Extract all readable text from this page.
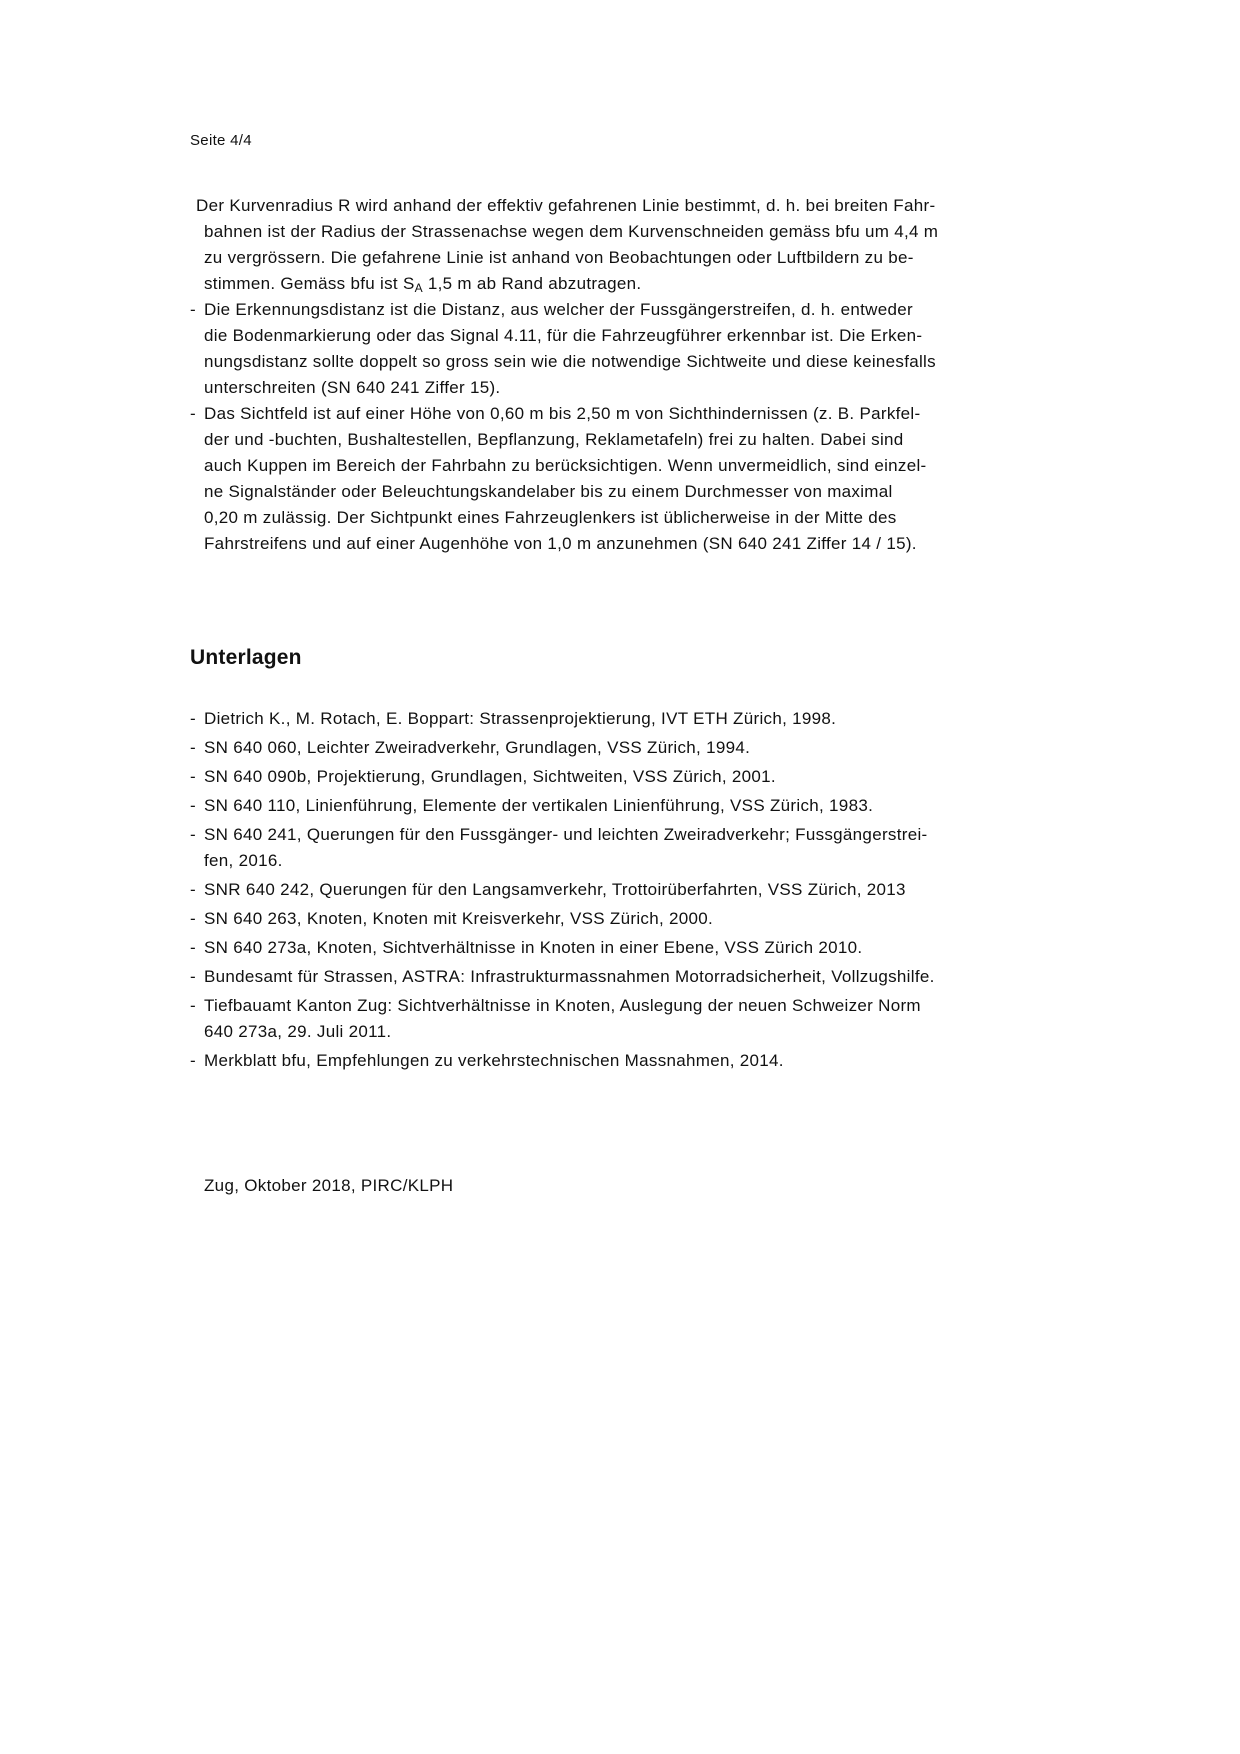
Seite 4/4
Der Kurvenradius R wird anhand der effektiv gefahrenen Linie bestimmt, d. h. bei breiten Fahr-
bahnen ist der Radius der Strassenachse wegen dem Kurvenschneiden gemäss bfu um 4,4 m
zu vergrössern. Die gefahrene Linie ist anhand von Beobachtungen oder Luftbildern zu be-
stimmen. Gemäss bfu ist $S_A$ 1,5 m ab Rand abzutragen.
- Die Erkennungsdistanz ist die Distanz, aus welcher der Fussgängerstreifen, d. h. entweder
die Bodenmarkierung oder das Signal 4.11, für die Fahrzeugführer erkennbar ist. Die Erken-
nungsdistanz sollte doppelt so gross sein wie die notwendige Sichtweite und diese keinesfalls
unterschreiten (SN 640 241 Ziffer 15).
- Das Sichtfeld ist auf einer Höhe von 0,60 m bis 2,50 m von Sichthindernissen (z. B. Parkfel-
der und -buchten, Bushaltestellen, Bepflanzung, Reklametafeln) frei zu halten. Dabei sind
auch Kuppen im Bereich der Fahrbahn zu berücksichtigen. Wenn unvermeidlich, sind einzel-
ne Signalständer oder Beleuchtungskandelaber bis zu einem Durchmesser von maximal
0,20 m zulässig. Der Sichtpunkt eines Fahrzeuglenkers ist üblicherweise in der Mitte des
Fahrstreifens und auf einer Augenhöhe von 1,0 m anzunehmen (SN 640 241 Ziffer 14 / 15).
Unterlagen
- Dietrich K., M. Rotach, E. Boppart: Strassenprojektierung, IVT ETH Zürich, 1998.
- SN 640 060, Leichter Zweiradverkehr, Grundlagen, VSS Zürich, 1994.
- SN 640 090b, Projektierung, Grundlagen, Sichtweiten, VSS Zürich, 2001.
- SN 640 110, Linienführung, Elemente der vertikalen Linienführung, VSS Zürich, 1983.
- SN 640 241, Querungen für den Fussgänger- und leichten Zweiradverkehr; Fussgängerstrei-
fen, 2016.
- SNR 640 242, Querungen für den Langsamverkehr, Trottoirüberfahrten, VSS Zürich, 2013
- SN 640 263, Knoten, Knoten mit Kreisverkehr, VSS Zürich, 2000.
- SN 640 273a, Knoten, Sichtverhältnisse in Knoten in einer Ebene, VSS Zürich 2010.
- Bundesamt für Strassen, ASTRA: Infrastrukturmassnahmen Motorradsicherheit, Vollzugshilfe.
- Tiefbauamt Kanton Zug: Sichtverhältnisse in Knoten, Auslegung der neuen Schweizer Norm
640 273a, 29. Juli 2011.
- Merkblatt bfu, Empfehlungen zu verkehrstechnischen Massnahmen, 2014.
Zug, Oktober 2018, PIRC/KLPH
